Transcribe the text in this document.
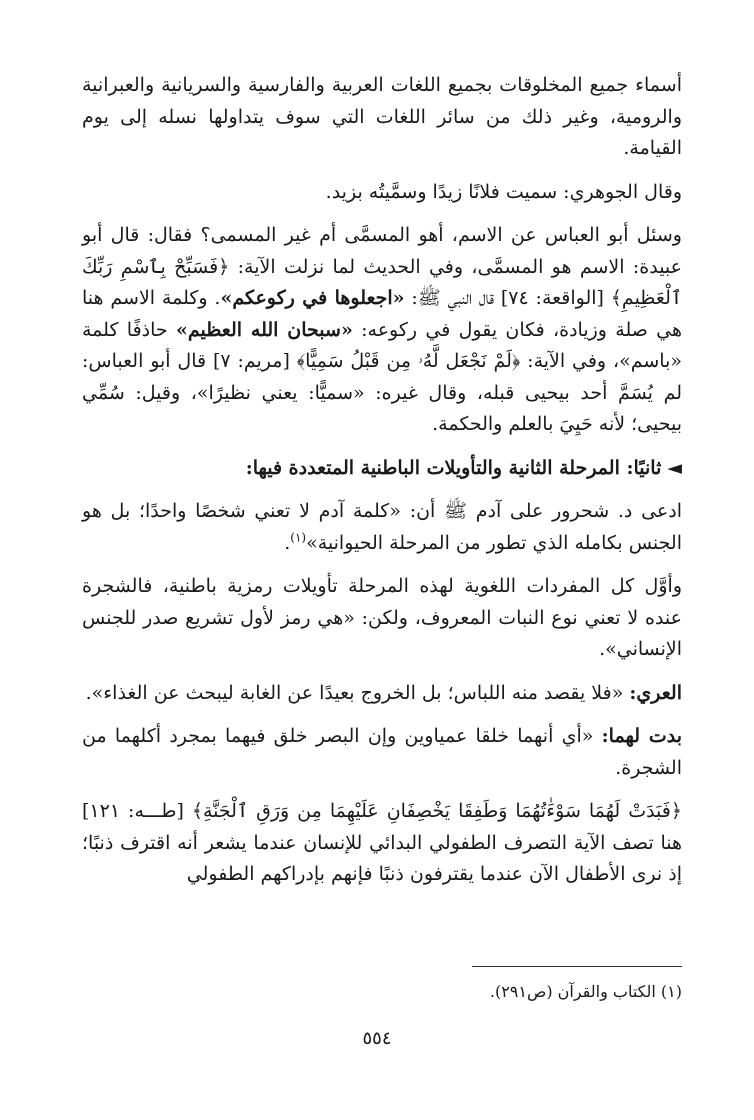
أسماء جميع المخلوقات بجميع اللغات العربية والفارسية والسريانية والعبرانية والرومية، وغير ذلك من سائر اللغات التي سوف يتداولها نسله إلى يوم القيامة.

وقال الجوهري: سميت فلانًا زيدًا وسمَّيتُه بزيد.

وسئل أبو العباس عن الاسم، أهو المسمَّى أم غير المسمى؟ فقال: قال أبو عبيدة: الاسم هو المسمَّى، وفي الحديث لما نزلت الآية: ﴿فَسَبِّحْ بِٱسْمِ رَبِّكَ ٱلْعَظِيمِ﴾ [الواقعة: ٧٤] قال النبي ﷺ: «اجعلوها في ركوعكم». وكلمة الاسم هنا هي صلة وزيادة، فكان يقول في ركوعه: «سبحان الله العظيم» حاذفًا كلمة «باسم»، وفي الآية: ﴿لَمْ نَجْعَل لَّهُۥ مِن قَبْلُ سَمِيًّا﴾ [مريم: ٧] قال أبو العباس: لم يُسَمَّ أحد بيحيى قبله، وقال غيره: «سميًّا: يعني نظيرًا»، وقيل: سُمِّي بيحيى؛ لأنه حَيِيَ بالعلم والحكمة.

◄ثانيًا: المرحلة الثانية والتأويلات الباطنية المتعددة فيها:

ادعى د. شحرور على آدم ﷺ أن: «كلمة آدم لا تعني شخصًا واحدًا؛ بل هو الجنس بكامله الذي تطور من المرحلة الحيوانية»$^{(١)}$.

وأوَّل كل المفردات اللغوية لهذه المرحلة تأويلات رمزية باطنية، فالشجرة عنده لا تعني نوع النبات المعروف، ولكن: «هي رمز لأول تشريع صدر للجنس الإنساني».

العري: «فلا يقصد منه اللباس؛ بل الخروج بعيدًا عن الغابة ليبحث عن الغذاء».

بدت لهما: «أي أنهما خلقا عمياوين وإن البصر خلق فيهما بمجرد أكلهما من الشجرة.

﴿فَبَدَتْ لَهُمَا سَوْءَٰتُهُمَا وَطَفِقَا يَخْصِفَانِ عَلَيْهِمَا مِن وَرَقِ ٱلْجَنَّةِ﴾ [طـــه: ١٢١] هنا تصف الآية التصرف الطفولي البدائي للإنسان عندما يشعر أنه اقترف ذنبًا؛ إذ نرى الأطفال الآن عندما يقترفون ذنبًا فإنهم بإدراكهم الطفولي

(١) الكتاب والقرآن (ص٢٩١).
٥٥٤
